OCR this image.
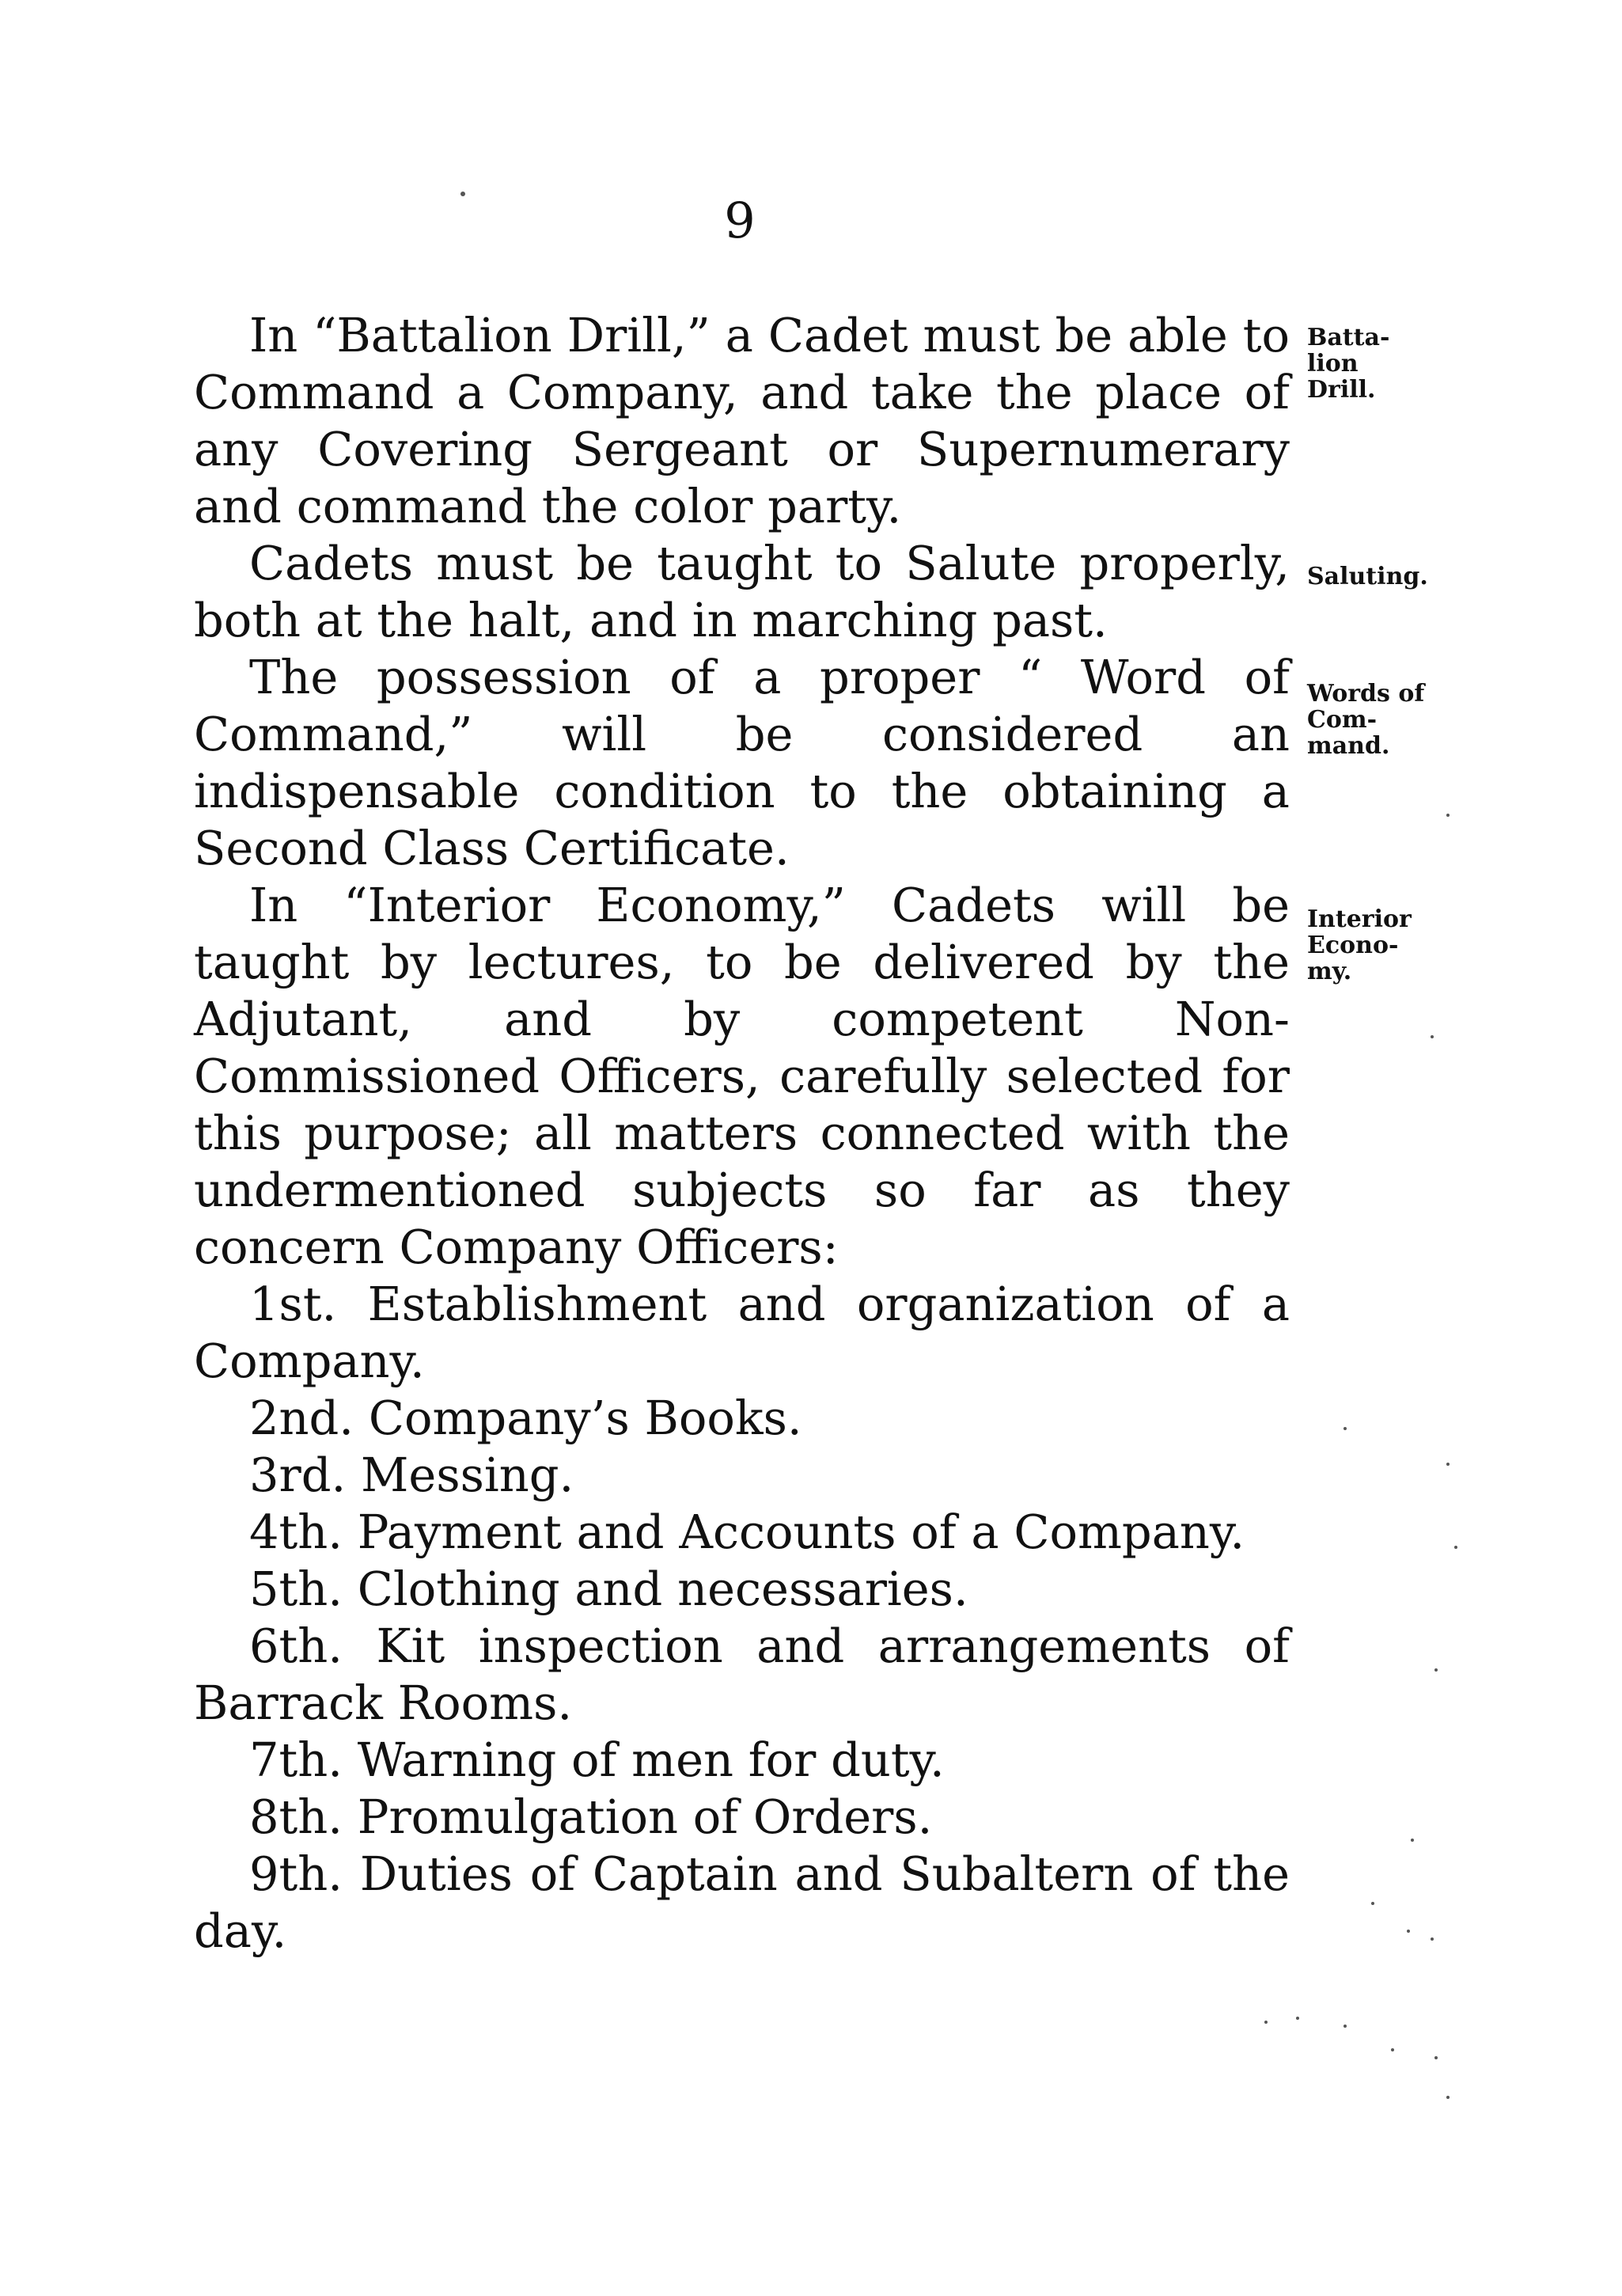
9

In “Battalion Drill,” a Cadet must be able to Command a Company, and take the place of any Covering Sergeant or Supernumerary and command the color party.

Cadets must be taught to Salute properly, both at the halt, and in marching past.

The possession of a proper “ Word of Command,” will be considered an indispensable condition to the obtaining a Second Class Certificate.

In “Interior Economy,” Cadets will be taught by lectures, to be delivered by the Adjutant, and by competent Non-Commissioned Officers, carefully selected for this purpose; all matters connected with the undermentioned subjects so far as they concern Company Officers:

1st. Establishment and organization of a Company.

2nd. Company’s Books.

3rd. Messing.

4th. Payment and Accounts of a Company.

5th. Clothing and necessaries.

6th. Kit inspection and arrangements of Barrack Rooms.

7th. Warning of men for duty.

8th. Promulgation of Orders.

9th. Duties of Captain and Subaltern of the day.

Batta-
lion
Drill.
Saluting.
Words of
Com-
mand.
Interior
Econo-
my.
